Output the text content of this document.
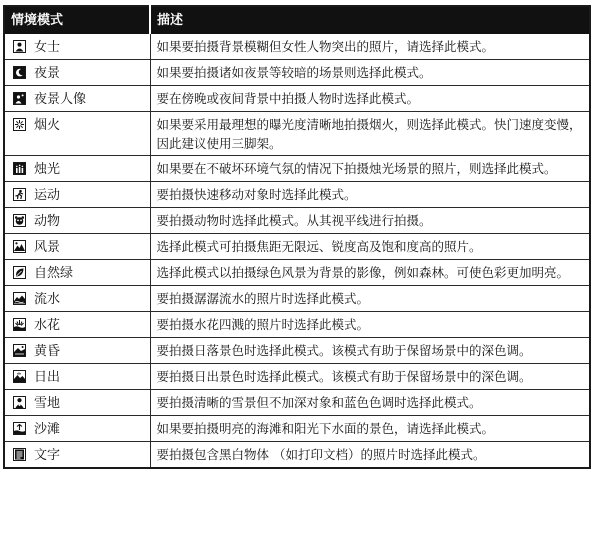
情境模式	描述

女士	如果要拍摄背景模糊但女性人物突出的照片，请选择此模式。

夜景	如果要拍摄诸如夜景等较暗的场景则选择此模式。

夜景人像	要在傍晚或夜间背景中拍摄人物时选择此模式。

烟火	如果要采用最理想的曝光度清晰地拍摄烟火，则选择此模式。快门速度变慢，因此建议使用三脚架。

烛光	如果要在不破坏环境气氛的情况下拍摄烛光场景的照片，则选择此模式。

运动	要拍摄快速移动对象时选择此模式。

动物	要拍摄动物时选择此模式。从其视平线进行拍摄。

风景	选择此模式可拍摄焦距无限远、锐度高及饱和度高的照片。

自然绿	选择此模式以拍摄绿色风景为背景的影像，例如森林。可使色彩更加明亮。

流水	要拍摄潺潺流水的照片时选择此模式。

水花	要拍摄水花四溅的照片时选择此模式。

黄昏	要拍摄日落景色时选择此模式。该模式有助于保留场景中的深色调。

日出	要拍摄日出景色时选择此模式。该模式有助于保留场景中的深色调。

雪地	要拍摄清晰的雪景但不加深对象和蓝色色调时选择此模式。

沙滩	如果要拍摄明亮的海滩和阳光下水面的景色，请选择此模式。

文字	要拍摄包含黑白物体 （如打印文档）的照片时选择此模式。
